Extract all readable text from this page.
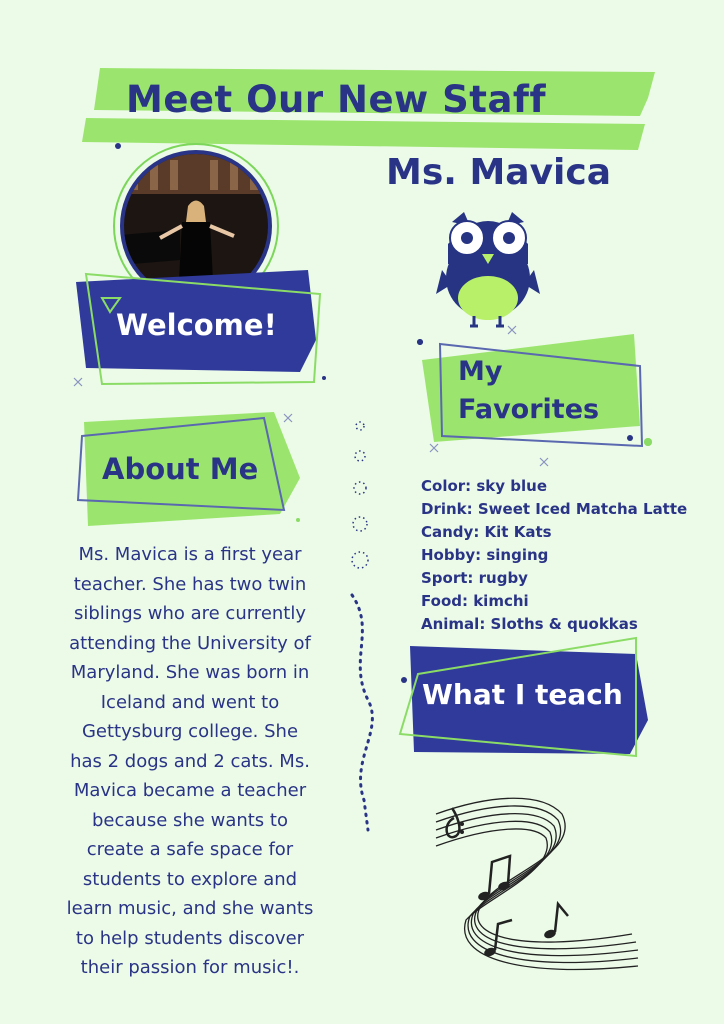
Meet Our New Staff
Ms. Mavica
Welcome!
About Me
Ms. Mavica is a first year
teacher. She has two twin
siblings who are currently
attending the University of
Maryland. She was born in
Iceland and went to
Gettysburg college. She
has 2 dogs and 2 cats. Ms.
Mavica became a teacher
because she wants to
create a safe space for
students to explore and
learn music, and she wants
to help students discover
their passion for music!.
My
Favorites
Color: sky blue
Drink: Sweet Iced Matcha Latte
Candy: Kit Kats
Hobby: singing
Sport: rugby
Food: kimchi
Animal: Sloths & quokkas
What I teach
